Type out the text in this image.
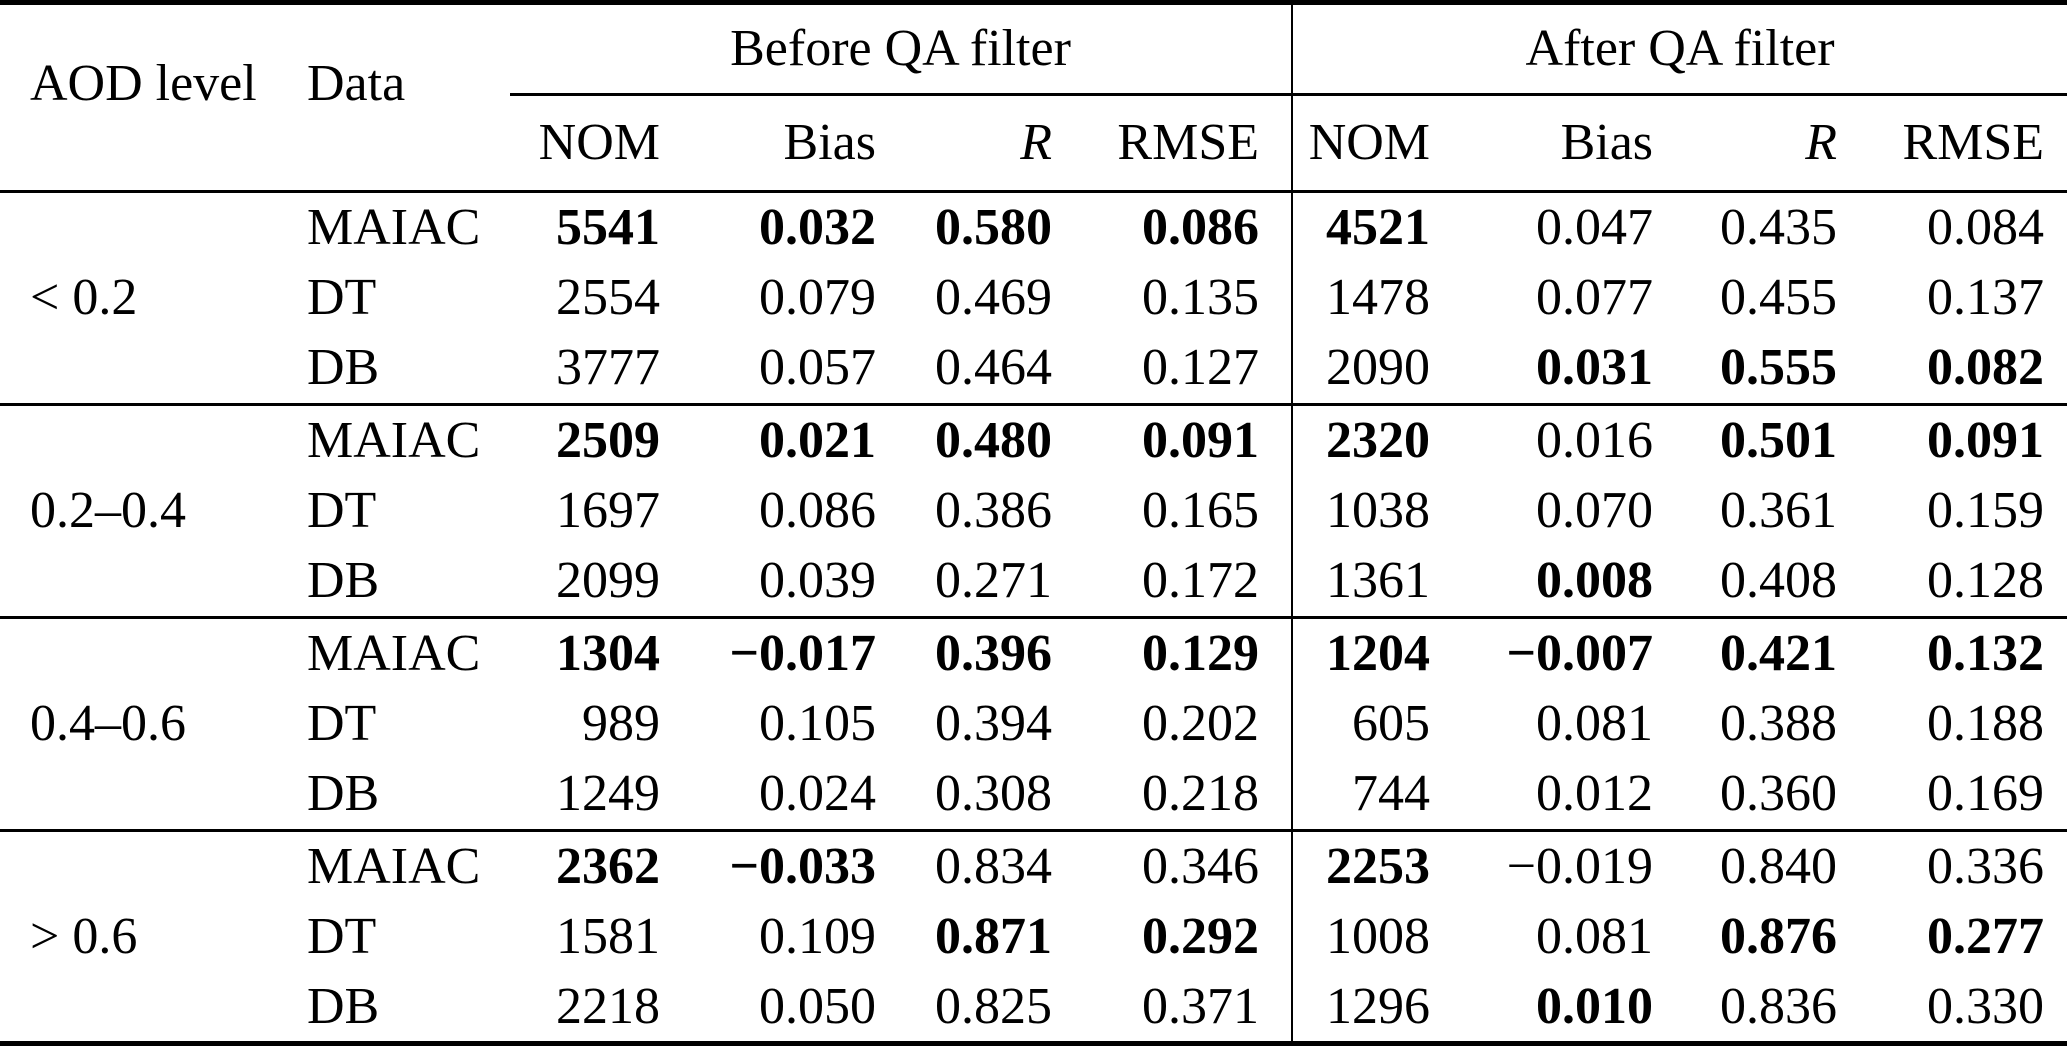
AOD level	Data	Before QA filter				After QA filter			
		NOM	Bias	R	RMSE	NOM	Bias	R	RMSE
< 0.2	MAIAC	5541	0.032	0.580	0.086	4521	0.047	0.435	0.084
	DT	2554	0.079	0.469	0.135	1478	0.077	0.455	0.137
	DB	3777	0.057	0.464	0.127	2090	0.031	0.555	0.082
0.2–0.4	MAIAC	2509	0.021	0.480	0.091	2320	0.016	0.501	0.091
	DT	1697	0.086	0.386	0.165	1038	0.070	0.361	0.159
	DB	2099	0.039	0.271	0.172	1361	0.008	0.408	0.128
0.4–0.6	MAIAC	1304	−0.017	0.396	0.129	1204	−0.007	0.421	0.132
	DT	989	0.105	0.394	0.202	605	0.081	0.388	0.188
	DB	1249	0.024	0.308	0.218	744	0.012	0.360	0.169
> 0.6	MAIAC	2362	−0.033	0.834	0.346	2253	−0.019	0.840	0.336
	DT	1581	0.109	0.871	0.292	1008	0.081	0.876	0.277
	DB	2218	0.050	0.825	0.371	1296	0.010	0.836	0.330
